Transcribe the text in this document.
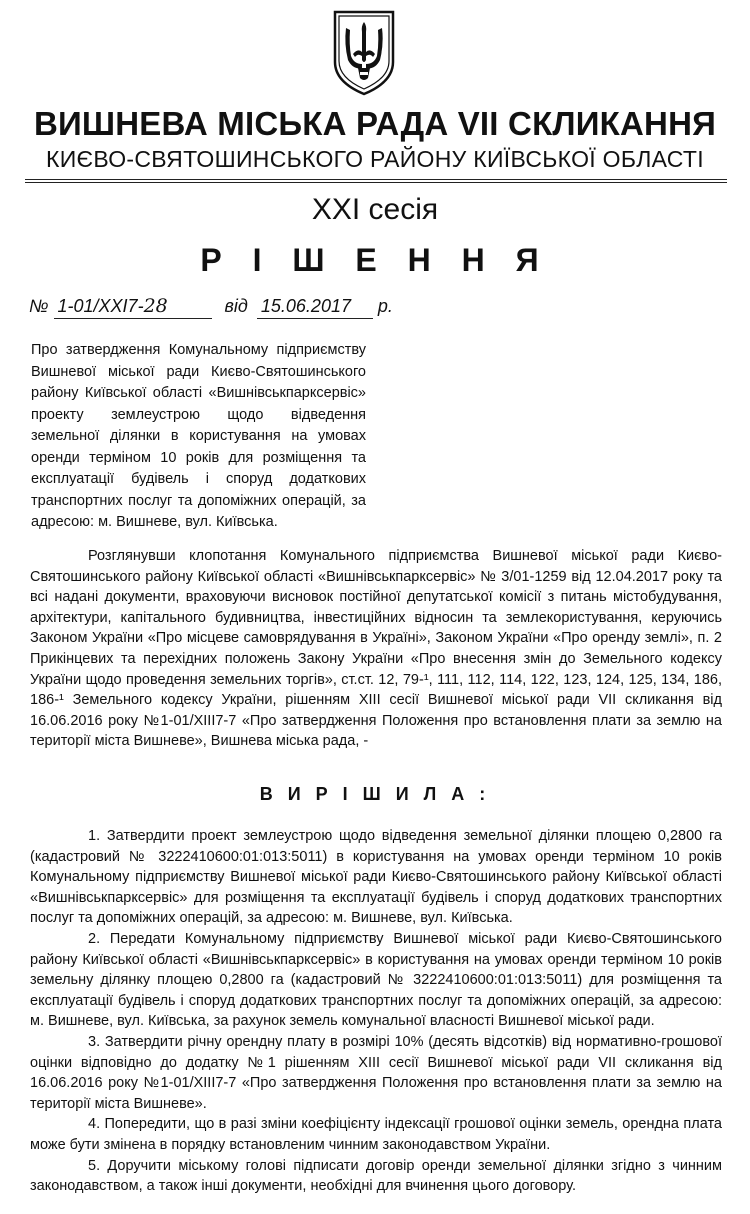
ВИШНЕВА МІСЬКА РАДА VII СКЛИКАННЯ
КИЄВО-СВЯТОШИНСЬКОГО РАЙОНУ КИЇВСЬКОЇ ОБЛАСТІ
XXI сесія
Р І Ш Е Н Н Я
№ 1-01/XXI7-28	від 15.06.2017 р.
Про затвердження Комунальному підприємству Вишневої міської ради Києво-Святошинського району Київської області «Вишнівськпарксервіс» проекту землеустрою щодо відведення земельної ділянки в користування на умовах оренди терміном 10 років для розміщення та експлуатації будівель і споруд додаткових транспортних послуг та допоміжних операцій, за адресою: м. Вишневе, вул. Київська.
Розглянувши клопотання Комунального підприємства Вишневої міської ради Києво-Святошинського району Київської області «Вишнівськпарксервіс» № 3/01-1259 від 12.04.2017 року та всі надані документи, враховуючи висновок постійної депутатської комісії з питань містобудування, архітектури, капітального будивництва, інвестиційних відносин та землекористування, керуючись Законом України «Про місцеве самоврядування в Україні», Законом України «Про оренду землі», п. 2 Прикінцевих та перехідних положень Закону України «Про внесення змін до Земельного кодексу України щодо проведення земельних торгів», ст.ст. 12, 79-¹, 111, 112, 114, 122, 123, 124, 125, 134, 186, 186-¹ Земельного кодексу України, рішенням XIII сесії Вишневої міської ради VII скликання від 16.06.2016 року №1-01/XIII7-7 «Про затвердження Положення про встановлення плати за землю на території міста Вишневе», Вишнева міська рада, -
В И Р І Ш И Л А :

1. Затвердити проект землеустрою щодо відведення земельної ділянки площею 0,2800 га (кадастровий № 3222410600:01:013:5011) в користування на умовах оренди терміном 10 років Комунальному підприємству Вишневої міської ради Києво-Святошинського району Київської області «Вишнівськпарксервіс» для розміщення та експлуатації будівель і споруд додаткових транспортних послуг та допоміжних операцій, за адресою: м. Вишневе, вул. Київська.

2. Передати Комунальному підприємству Вишневої міської ради Києво-Святошинського району Київської області «Вишнівськпарксервіс» в користування на умовах оренди терміном 10 років земельну ділянку площею 0,2800 га (кадастровий № 3222410600:01:013:5011) для розміщення та експлуатації будівель і споруд додаткових транспортних послуг та допоміжних операцій, за адресою: м. Вишневе, вул. Київська, за рахунок земель комунальної власності Вишневої міської ради.

3. Затвердити річну орендну плату в розмірі 10% (десять відсотків) від нормативно-грошової оцінки відповідно до додатку №1 рішенням XIII сесії Вишневої міської ради VII скликання від 16.06.2016 року №1-01/XIII7-7 «Про затвердження Положення про встановлення плати за землю на території міста Вишневе».

4. Попередити, що в разі зміни коефіцієнту індексації грошової оцінки земель, орендна плата може бути змінена в порядку встановленим чинним законодавством України.

5. Доручити міському голові підписати договір оренди земельної ділянки згідно з чинним законодавством, а також інші документи, необхідні для вчинення цього договору.
